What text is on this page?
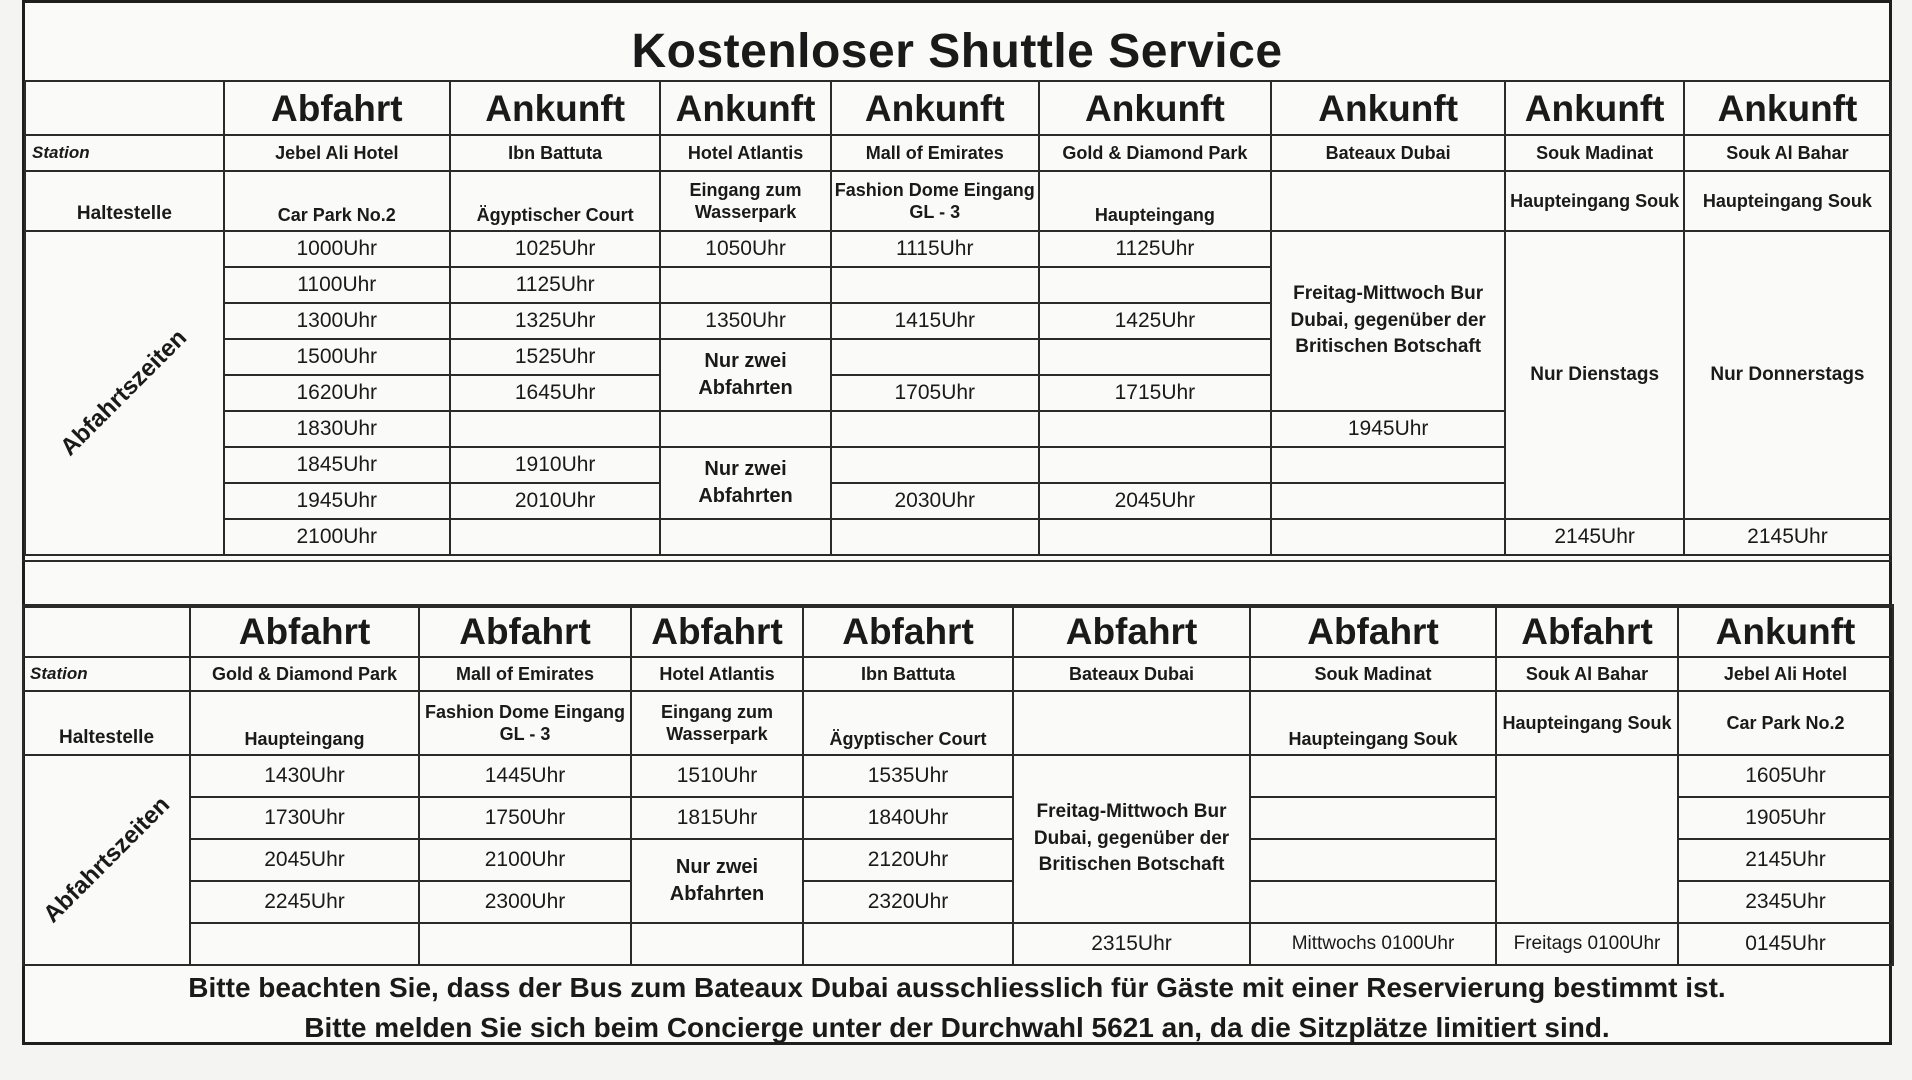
Kostenloser Shuttle Service
	Abfahrt	Ankunft	Ankunft	Ankunft	Ankunft	Ankunft	Ankunft	Ankunft
Station	Jebel Ali Hotel	Ibn Battuta	Hotel Atlantis	Mall of Emirates	Gold & Diamond Park	Bateaux Dubai	Souk Madinat	Souk Al Bahar
Haltestelle	Car Park No.2	Ägyptischer Court	Eingang zum Wasserpark	Fashion Dome Eingang GL - 3	Haupteingang		Haupteingang Souk	Haupteingang Souk

Abfahrtszeiten	1000Uhr	1025Uhr	1050Uhr	1115Uhr	1125Uhr	Freitag-Mittwoch Bur Dubai, gegenüber der Britischen Botschaft	Nur Dienstags	Nur Donnerstags
	1100Uhr	1125Uhr						
	1300Uhr	1325Uhr	1350Uhr	1415Uhr	1425Uhr			
	1500Uhr	1525Uhr	Nur zwei Abfahrten					
	1620Uhr	1645Uhr		1705Uhr	1715Uhr			
	1830Uhr					1945Uhr		
	1845Uhr	1910Uhr	Nur zwei Abfahrten					
	1945Uhr	2010Uhr		2030Uhr	2045Uhr			
	2100Uhr						2145Uhr	2145Uhr
	Abfahrt	Abfahrt	Abfahrt	Abfahrt	Abfahrt	Abfahrt	Abfahrt	Ankunft
Station	Gold & Diamond Park	Mall of Emirates	Hotel Atlantis	Ibn Battuta	Bateaux Dubai	Souk Madinat	Souk Al Bahar	Jebel Ali Hotel
Haltestelle	Haupteingang	Fashion Dome Eingang GL - 3	Eingang zum Wasserpark	Ägyptischer Court		Haupteingang Souk	Haupteingang Souk	Car Park No.2

Abfahrtszeiten	1430Uhr	1445Uhr	1510Uhr	1535Uhr	Freitag-Mittwoch Bur Dubai, gegenüber der Britischen Botschaft			1605Uhr
	1730Uhr	1750Uhr	1815Uhr	1840Uhr				1905Uhr
	2045Uhr	2100Uhr	Nur zwei Abfahrten	2120Uhr				2145Uhr
	2245Uhr	2300Uhr		2320Uhr				2345Uhr
					2315Uhr	Mittwochs 0100Uhr	Freitags 0100Uhr	0145Uhr
Bitte beachten Sie, dass der Bus zum Bateaux Dubai ausschliesslich für Gäste mit einer Reservierung bestimmt ist.
Bitte melden Sie sich beim Concierge unter der Durchwahl 5621 an, da die Sitzplätze limitiert sind.
